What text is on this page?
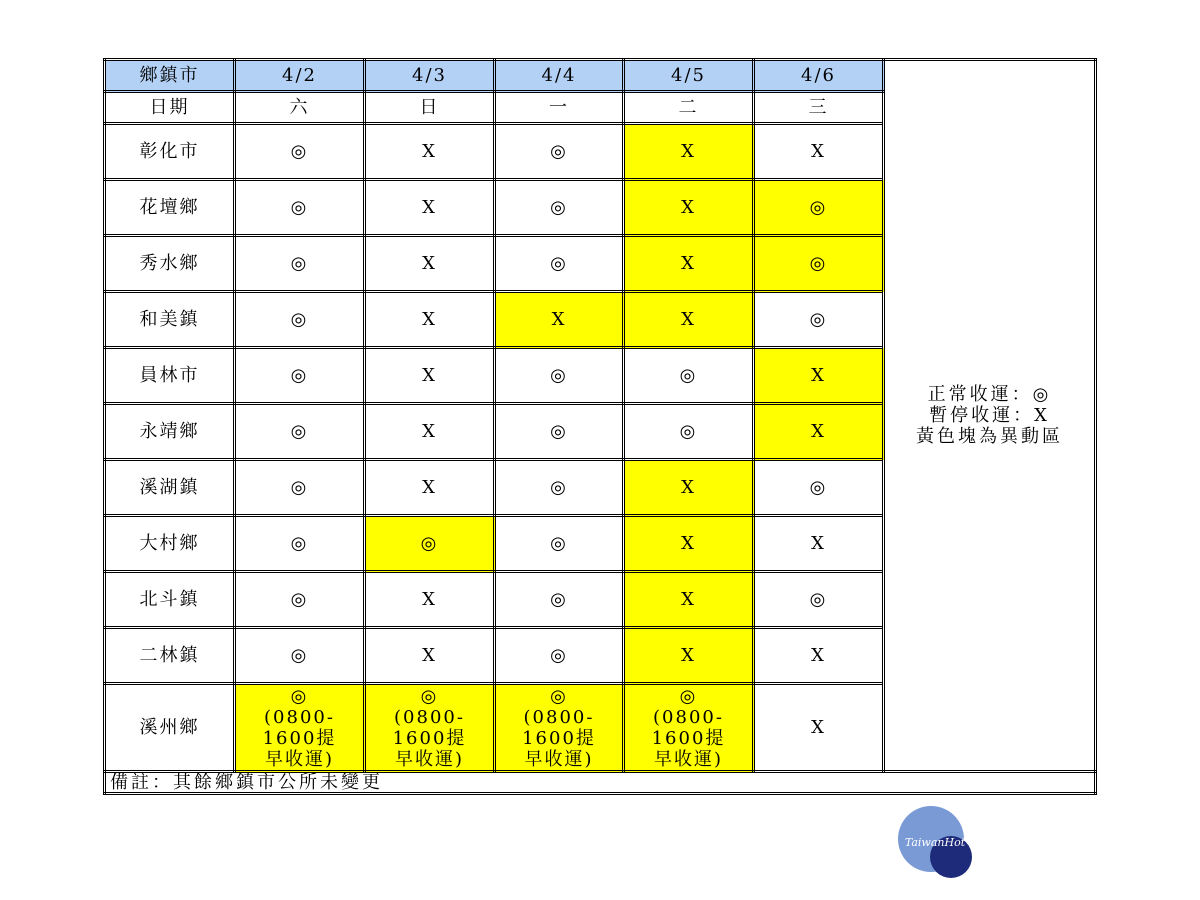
鄉鎮市	4/2	4/3	4/4	4/5	4/6	正常收運：◎
暫停收運：X
黃色塊為異動區

日期	六	日	一	二	三	
彰化市	◎	X	◎	X	X	
花壇鄉	◎	X	◎	X	◎	
秀水鄉	◎	X	◎	X	◎	
和美鎮	◎	X	X	X	◎	
員林市	◎	X	◎	◎	X	
永靖鄉	◎	X	◎	◎	X	
溪湖鎮	◎	X	◎	X	◎	
大村鄉	◎	◎	◎	X	X	
北斗鎮	◎	X	◎	X	◎	
二林鎮	◎	X	◎	X	X	
溪州鄉	◎
(0800-
1600提
早收運)	◎
(0800-
1600提
早收運)	◎
(0800-
1600提
早收運)	◎
(0800-
1600提
早收運)	X	
備註：其餘鄉鎮市公所未變更						
TaiwanHot
